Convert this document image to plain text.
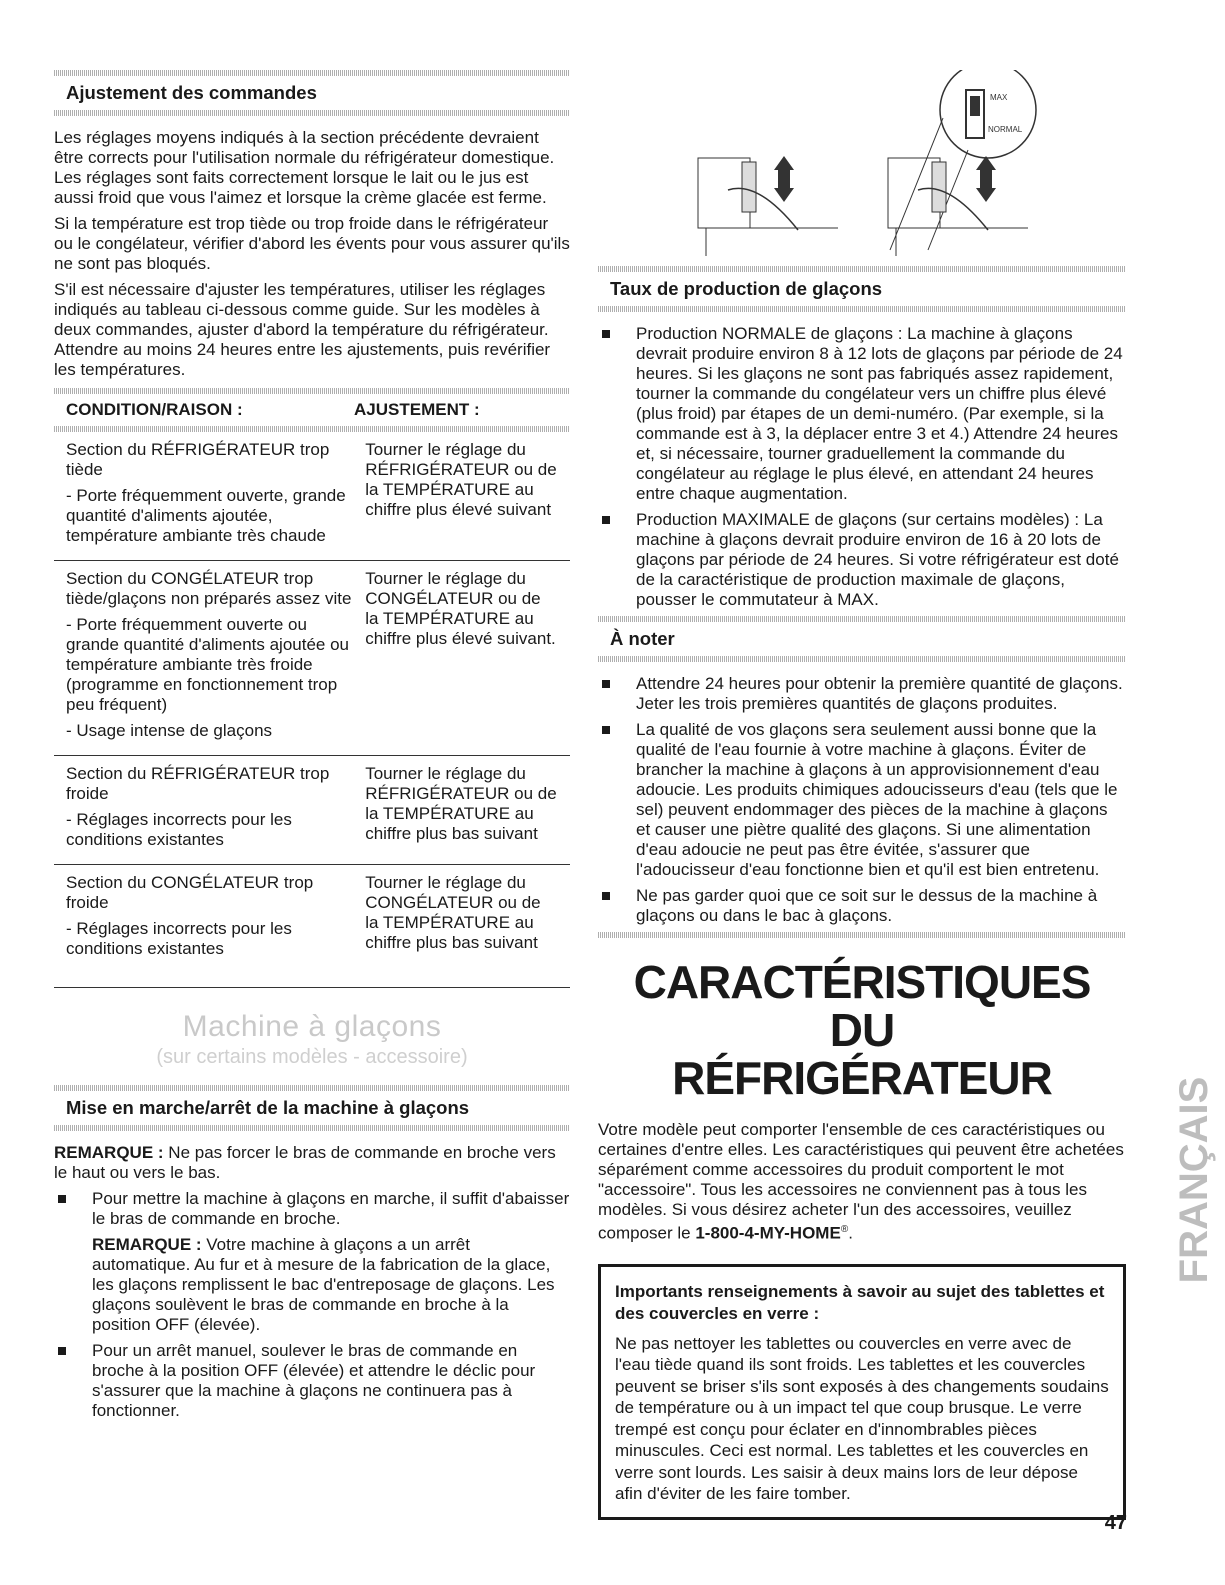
Ajustement des commandes

Les réglages moyens indiqués à la section précédente devraient être corrects pour l'utilisation normale du réfrigérateur domestique. Les réglages sont faits correctement lorsque le lait ou le jus est aussi froid que vous l'aimez et lorsque la crème glacée est ferme.

Si la température est trop tiède ou trop froide dans le réfrigérateur ou le congélateur, vérifier d'abord les évents pour vous assurer qu'ils ne sont pas bloqués.

S'il est nécessaire d'ajuster les températures, utiliser les réglages indiqués au tableau ci-dessous comme guide. Sur les modèles à deux commandes, ajuster d'abord la température du réfrigérateur. Attendre au moins 24 heures entre les ajustements, puis revérifier les températures.

CONDITION/RAISON :	AJUSTEMENT :

Section du RÉFRIGÉRATEUR trop tiède

- Porte fréquemment ouverte, grande quantité d'aliments ajoutée, température ambiante très chaude

Tourner le réglage du RÉFRIGÉRATEUR ou de la TEMPÉRATURE au chiffre plus élevé suivant

Section du CONGÉLATEUR trop tiède/glaçons non préparés assez vite

- Porte fréquemment ouverte ou grande quantité d'aliments ajoutée ou température ambiante très froide (programme en fonctionnement trop peu fréquent)

- Usage intense de glaçons

Tourner le réglage du CONGÉLATEUR ou de la TEMPÉRATURE au chiffre plus élevé suivant.

Section du RÉFRIGÉRATEUR trop froide

- Réglages incorrects pour les conditions existantes

Tourner le réglage du RÉFRIGÉRATEUR ou de la TEMPÉRATURE au chiffre plus bas suivant

Section du CONGÉLATEUR trop froide

- Réglages incorrects pour les conditions existantes

Tourner le réglage du CONGÉLATEUR ou de la TEMPÉRATURE au chiffre plus bas suivant
Machine à glaçons
(sur certains modèles - accessoire)
Mise en marche/arrêt de la machine à glaçons

REMARQUE : Ne pas forcer le bras de commande en broche vers le haut ou vers le bas.

Pour mettre la machine à glaçons en marche, il suffit d'abaisser le bras de commande en broche.
REMARQUE : Votre machine à glaçons a un arrêt automatique. Au fur et à mesure de la fabrication de la glace, les glaçons remplissent le bac d'entreposage de glaçons. Les glaçons soulèvent le bras de commande en broche à la position OFF (élevée).
Pour un arrêt manuel, soulever le bras de commande en broche à la position OFF (élevée) et attendre le déclic pour s'assurer que la machine à glaçons ne continuera pas à fonctionner.
MAX
NORMAL
Taux de production de glaçons
Production NORMALE de glaçons : La machine à glaçons devrait produire environ 8 à 12 lots de glaçons par période de 24 heures. Si les glaçons ne sont pas fabriqués assez rapidement, tourner la commande du congélateur vers un chiffre plus élevé (plus froid) par étapes de un demi-numéro. (Par exemple, si la commande est à 3, la déplacer entre 3 et 4.) Attendre 24 heures et, si nécessaire, tourner graduellement la commande du congélateur au réglage le plus élevé, en attendant 24 heures entre chaque augmentation.
Production MAXIMALE de glaçons (sur certains modèles) : La machine à glaçons devrait produire environ de 16 à 20 lots de glaçons par période de 24 heures. Si votre réfrigérateur est doté de la caractéristique de production maximale de glaçons, pousser le commutateur à MAX.
À noter
Attendre 24 heures pour obtenir la première quantité de glaçons. Jeter les trois premières quantités de glaçons produites.
La qualité de vos glaçons sera seulement aussi bonne que la qualité de l'eau fournie à votre machine à glaçons. Éviter de brancher la machine à glaçons à un approvisionnement d'eau adoucie. Les produits chimiques adoucisseurs d'eau (tels que le sel) peuvent endommager des pièces de la machine à glaçons et causer une piètre qualité des glaçons. Si une alimentation d'eau adoucie ne peut pas être évitée, s'assurer que l'adoucisseur d'eau fonctionne bien et qu'il est bien entretenu.
Ne pas garder quoi que ce soit sur le dessus de la machine à glaçons ou dans le bac à glaçons.
CARACTÉRISTIQUES DU
RÉFRIGÉRATEUR

Votre modèle peut comporter l'ensemble de ces caractéristiques ou certaines d'entre elles. Les caractéristiques qui peuvent être achetées séparément comme accessoires du produit comportent le mot "accessoire". Tous les accessoires ne conviennent pas à tous les modèles. Si vous désirez acheter l'un des accessoires, veuillez composer le 1-800-4-MY-HOME®.

Importants renseignements à savoir au sujet des tablettes et des couvercles en verre :

Ne pas nettoyer les tablettes ou couvercles en verre avec de l'eau tiède quand ils sont froids. Les tablettes et les couvercles peuvent se briser s'ils sont exposés à des changements soudains de température ou à un impact tel que coup brusque. Le verre trempé est conçu pour éclater en d'innombrables pièces minuscules. Ceci est normal. Les tablettes et les couvercles en verre sont lourds. Les saisir à deux mains lors de leur dépose afin d'éviter de les faire tomber.

FRANÇAIS
47
